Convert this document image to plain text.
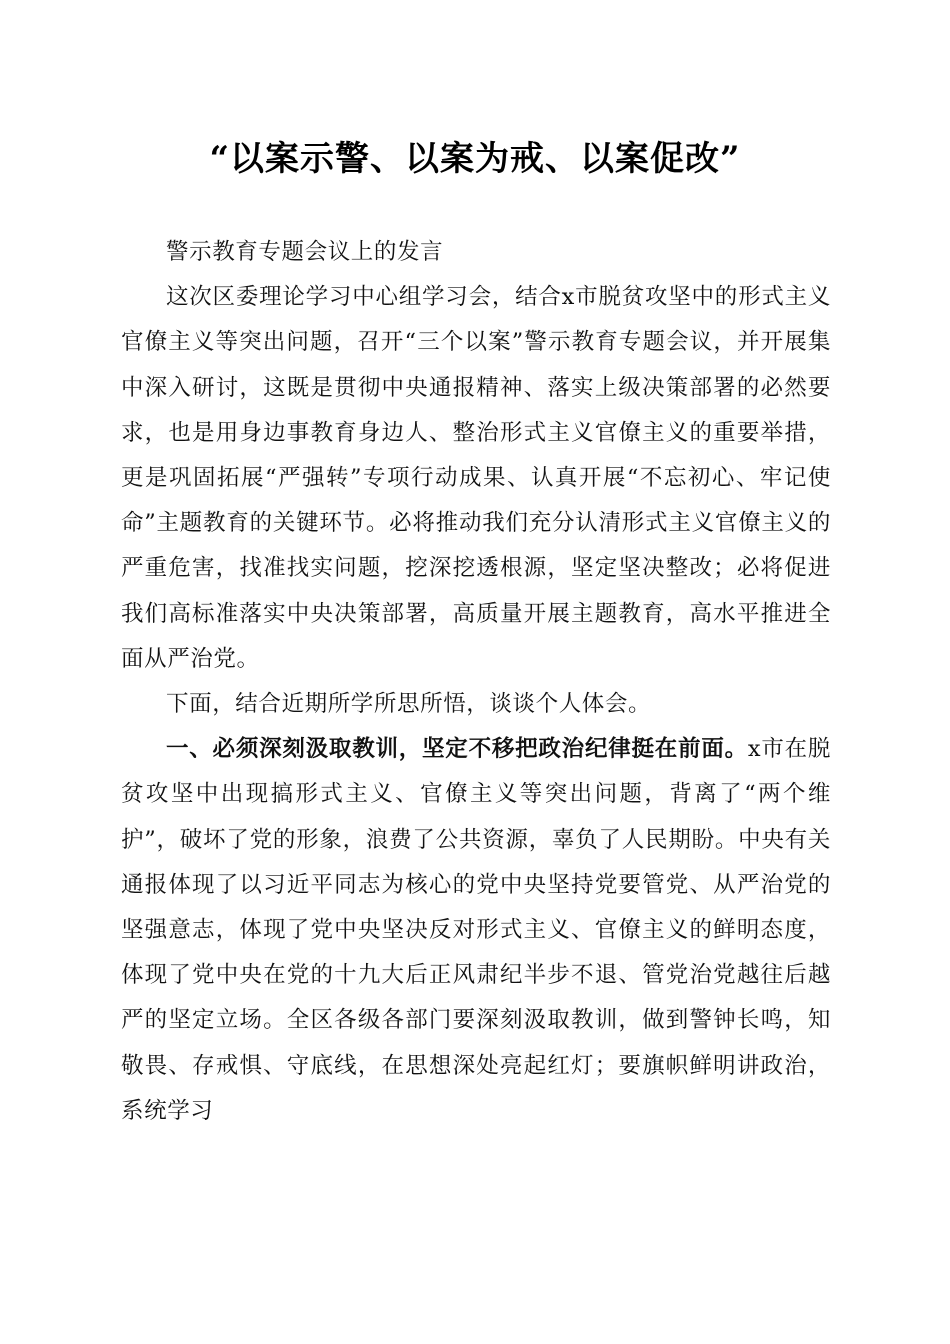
“以案示警、以案为戒、以案促改”

警示教育专题会议上的发言

这次区委理论学习中心组学习会，结合x市脱贫攻坚中的形式主义官僚主义等突出问题，召开“三个以案”警示教育专题会议，并开展集中深入研讨，这既是贯彻中央通报精神、落实上级决策部署的必然要求，也是用身边事教育身边人、整治形式主义官僚主义的重要举措，更是巩固拓展“严强转”专项行动成果、认真开展“不忘初心、牢记使命”主题教育的关键环节。必将推动我们充分认清形式主义官僚主义的严重危害，找准找实问题，挖深挖透根源，坚定坚决整改；必将促进我们高标准落实中央决策部署，高质量开展主题教育，高水平推进全面从严治党。

下面，结合近期所学所思所悟，谈谈个人体会。

一、必须深刻汲取教训，坚定不移把政治纪律挺在前面。x市在脱贫攻坚中出现搞形式主义、官僚主义等突出问题，背离了“两个维护”，破坏了党的形象，浪费了公共资源，辜负了人民期盼。中央有关通报体现了以习近平同志为核心的党中央坚持党要管党、从严治党的坚强意志，体现了党中央坚决反对形式主义、官僚主义的鲜明态度，体现了党中央在党的十九大后正风肃纪半步不退、管党治党越往后越严的坚定立场。全区各级各部门要深刻汲取教训，做到警钟长鸣，知敬畏、存戒惧、守底线，在思想深处亮起红灯；要旗帜鲜明讲政治，系统学习
